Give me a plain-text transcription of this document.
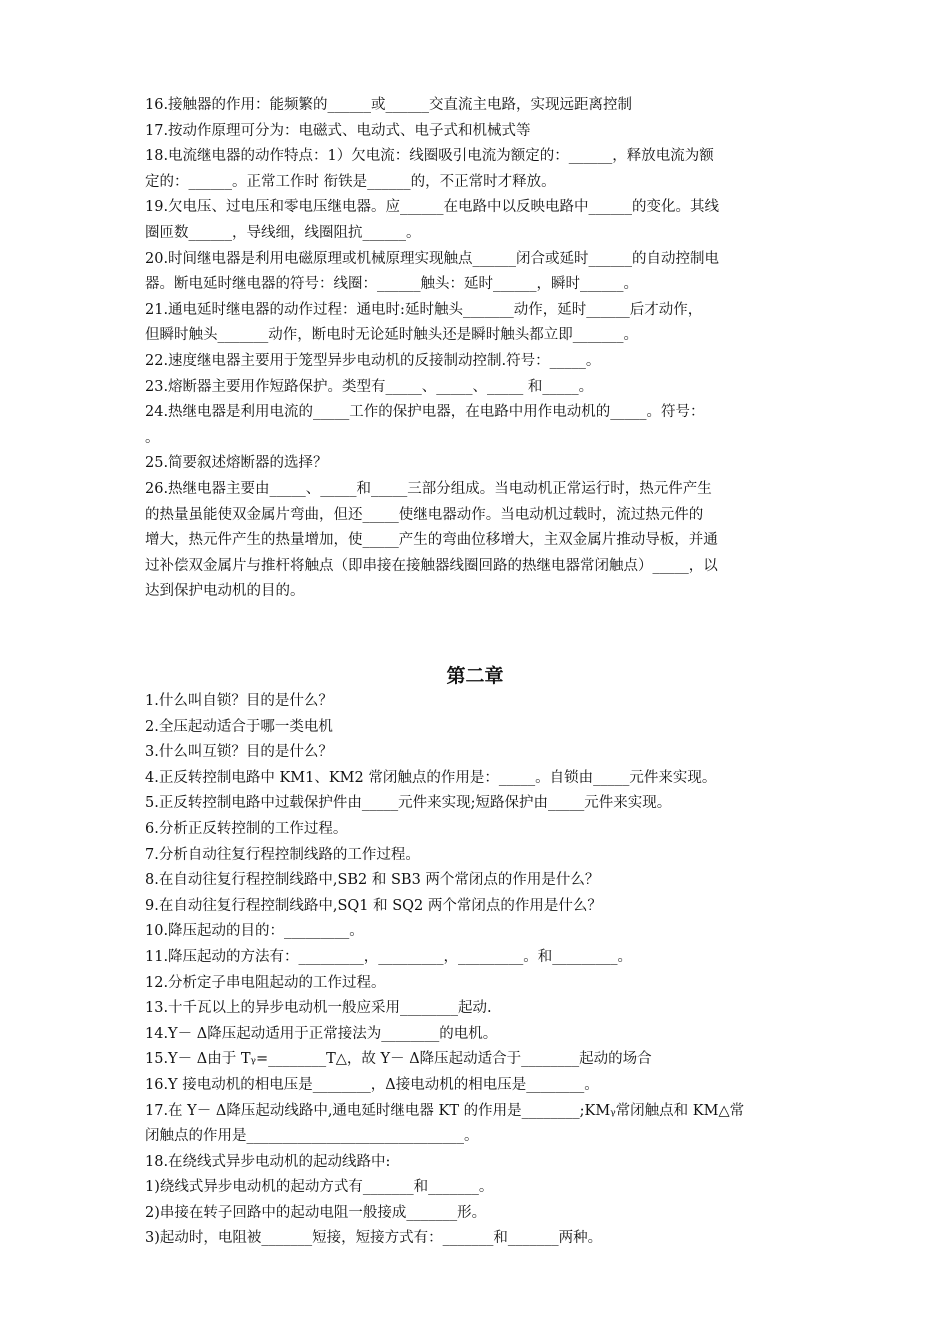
16.接触器的作用：能频繁的______或______交直流主电路，实现远距离控制
17.按动作原理可分为：电磁式、电动式、电子式和机械式等
18.电流继电器的动作特点：1）欠电流：线圈吸引电流为额定的：______，释放电流为额
定的：______。正常工作时 衔铁是______的，不正常时才释放。
19.欠电压、过电压和零电压继电器。应______在电路中以反映电路中______的变化。其线
圈匝数______，导线细，线圈阻抗______。
20.时间继电器是利用电磁原理或机械原理实现触点______闭合或延时______的自动控制电
器。断电延时继电器的符号：线圈：______触头：延时______，瞬时______。
21.通电延时继电器的动作过程：通电时:延时触头_______动作，延时______后才动作，
但瞬时触头_______动作，断电时无论延时触头还是瞬时触头都立即_______。
22.速度继电器主要用于笼型异步电动机的反接制动控制.符号：_____。
23.熔断器主要用作短路保护。类型有_____、_____、_____ 和_____。
24.热继电器是利用电流的_____工作的保护电器，在电路中用作电动机的_____。符号：
。
25.简要叙述熔断器的选择？
26.热继电器主要由_____、_____和_____三部分组成。当电动机正常运行时，热元件产生
的热量虽能使双金属片弯曲，但还_____使继电器动作。当电动机过载时，流过热元件的
增大，热元件产生的热量增加，使_____产生的弯曲位移增大，主双金属片推动导板，并通
过补偿双金属片与推杆将触点（即串接在接触器线圈回路的热继电器常闭触点）_____，以
达到保护电动机的目的。
第二章
1.什么叫自锁？目的是什么？
2.全压起动适合于哪一类电机
3.什么叫互锁？目的是什么？
4.正反转控制电路中 KM1、KM2 常闭触点的作用是：_____。自锁由_____元件来实现。
5.正反转控制电路中过载保护件由_____元件来实现;短路保护由_____元件来实现。
6.分析正反转控制的工作过程。
7.分析自动往复行程控制线路的工作过程。
8.在自动往复行程控制线路中,SB2 和 SB3 两个常闭点的作用是什么？
9.在自动往复行程控制线路中,SQ1 和 SQ2 两个常闭点的作用是什么？
10.降压起动的目的：_________。
11.降压起动的方法有：_________，_________，_________。和_________。
12.分析定子串电阻起动的工作过程。
13.十千瓦以上的异步电动机一般应采用________起动.
14.Y－ Δ降压起动适用于正常接法为________的电机。
15.Y－ Δ由于 Tᵧ=________T△，故 Y－ Δ降压起动适合于________起动的场合
16.Y 接电动机的相电压是________，Δ接电动机的相电压是________。
17.在 Y－ Δ降压起动线路中,通电延时继电器 KT 的作用是________;KMᵧ常闭触点和 KM△常
闭触点的作用是______________________________。
18.在绕线式异步电动机的起动线路中:
1)绕线式异步电动机的起动方式有_______和_______。
2)串接在转子回路中的起动电阻一般接成_______形。
3)起动时，电阻被_______短接，短接方式有：_______和_______两种。
